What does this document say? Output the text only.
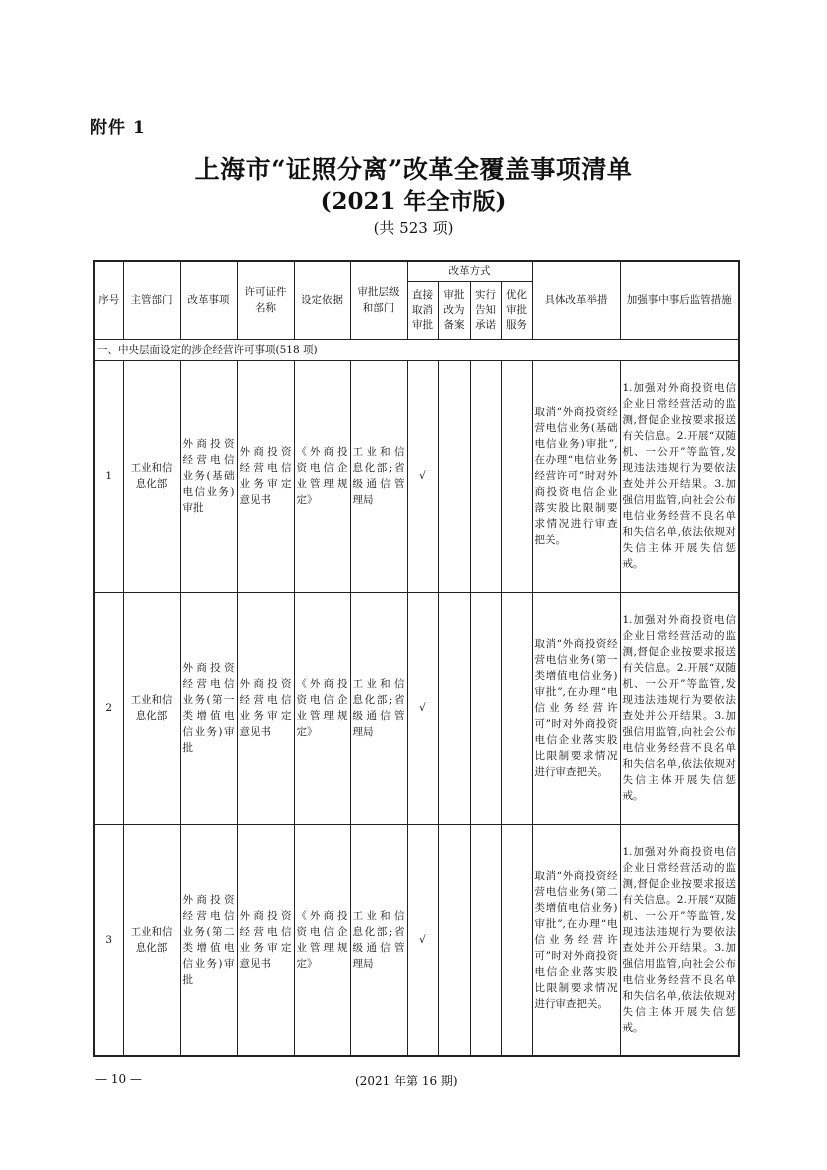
附件 1
上海市“证照分离”改革全覆盖事项清单
(2021 年全市版)
(共 523 项)
序号	主管部门	改革事项	许可证件名称	设定依据	审批层级和部门	改革方式				具体改革举措	加强事中事后监管措施
						直接取消审批	审批改为备案	实行告知承诺	优化审批服务		
一、中央层面设定的涉企经营许可事项(518 项)											
1	工业和信息化部	外商投资经营电信业务(基础电信业务)审批	外商投资经营电信业务审定意见书	《外商投资电信企业管理规定》	工业和信息化部;省级通信管理局	√				取消“外商投资经营电信业务(基础电信业务)审批”,在办理“电信业务经营许可”时对外商投资电信企业落实股比限制要求情况进行审查把关。	1.加强对外商投资电信企业日常经营活动的监测,督促企业按要求报送有关信息。2.开展“双随机、一公开”等监管,发现违法违规行为要依法查处并公开结果。3.加强信用监管,向社会公布电信业务经营不良名单和失信名单,依法依规对失信主体开展失信惩戒。
2	工业和信息化部	外商投资经营电信业务(第一类增值电信业务)审批	外商投资经营电信业务审定意见书	《外商投资电信企业管理规定》	工业和信息化部;省级通信管理局	√				取消“外商投资经营电信业务(第一类增值电信业务)审批”,在办理“电信业务经营许可”时对外商投资电信企业落实股比限制要求情况进行审查把关。	1.加强对外商投资电信企业日常经营活动的监测,督促企业按要求报送有关信息。2.开展“双随机、一公开”等监管,发现违法违规行为要依法查处并公开结果。3.加强信用监管,向社会公布电信业务经营不良名单和失信名单,依法依规对失信主体开展失信惩戒。
3	工业和信息化部	外商投资经营电信业务(第二类增值电信业务)审批	外商投资经营电信业务审定意见书	《外商投资电信企业管理规定》	工业和信息化部;省级通信管理局	√				取消“外商投资经营电信业务(第二类增值电信业务)审批”,在办理“电信业务经营许可”时对外商投资电信企业落实股比限制要求情况进行审查把关。	1.加强对外商投资电信企业日常经营活动的监测,督促企业按要求报送有关信息。2.开展“双随机、一公开”等监管,发现违法违规行为要依法查处并公开结果。3.加强信用监管,向社会公布电信业务经营不良名单和失信名单,依法依规对失信主体开展失信惩戒。
— 10 —	(2021 年第 16 期)
